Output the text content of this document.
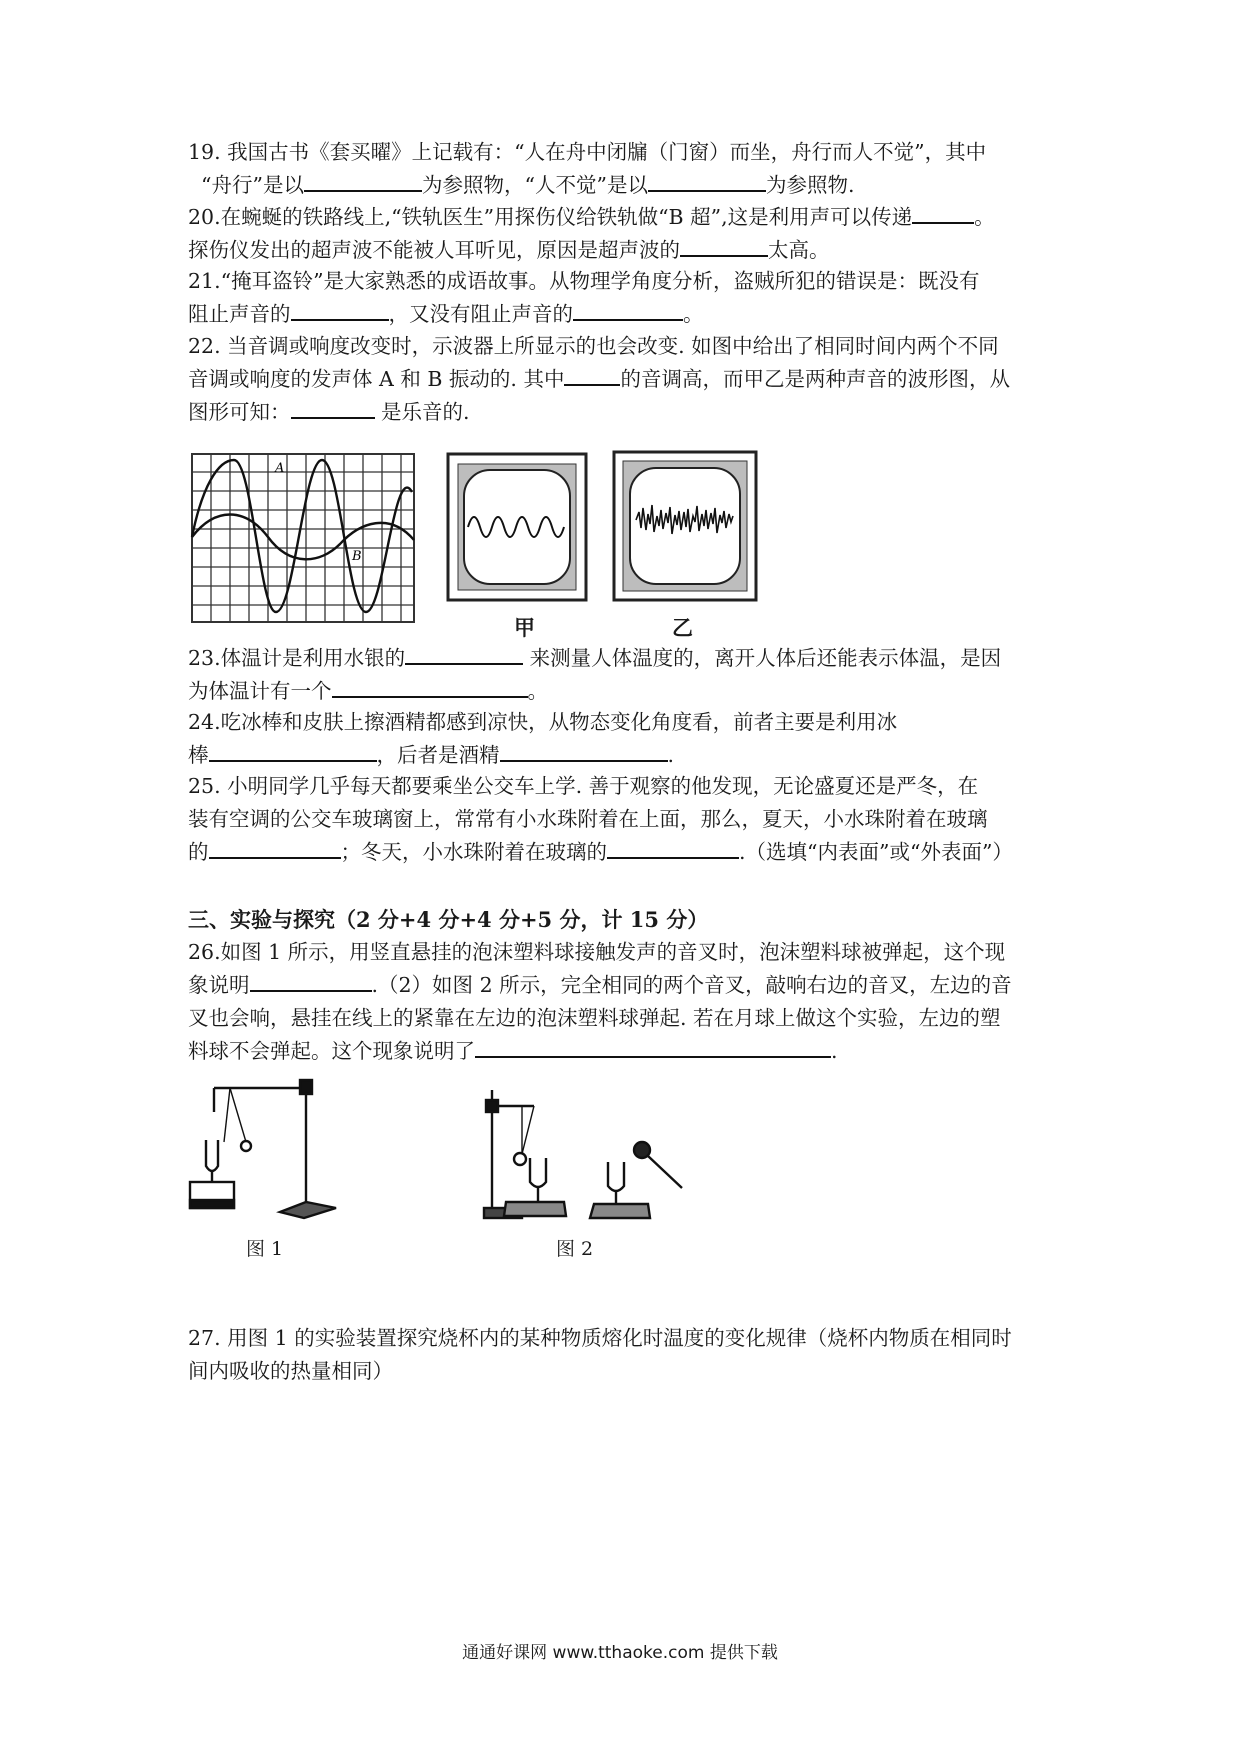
19. 我国古书《套买曜》上记载有：“人在舟中闭牖（门窗）而坐，舟行而人不觉”，其中
“舟行”是以	为参照物，“人不觉”是以	为参照物.
20.在蜿蜒的铁路线上,“铁轨医生”用探伤仪给铁轨做“B 超”,这是利用声可以传递	。
探伤仪发出的超声波不能被人耳听见，原因是超声波的	太高。
21.“掩耳盗铃”是大家熟悉的成语故事。从物理学角度分析，盗贼所犯的错误是：既没有
阻止声音的	，又没有阻止声音的	。
22. 当音调或响度改变时，示波器上所显示的也会改变. 如图中给出了相同时间内两个不同
音调或响度的发声体 A 和 B 振动的. 其中	的音调高，而甲乙是两种声音的波形图，从
图形可知：	是乐音的.
A
B
甲	乙
23.体温计是利用水银的	来测量人体温度的，离开人体后还能表示体温，是因
为体温计有一个	。
24.吃冰棒和皮肤上擦酒精都感到凉快，从物态变化角度看，前者主要是利用冰
棒	，后者是酒精	.
25. 小明同学几乎每天都要乘坐公交车上学. 善于观察的他发现，无论盛夏还是严冬，在
装有空调的公交车玻璃窗上，常常有小水珠附着在上面，那么，夏天，小水珠附着在玻璃
的	；冬天，小水珠附着在玻璃的	.（选填“内表面”或“外表面”）
三、实验与探究（2 分+4 分+4 分+5 分，计 15 分）
26.如图 1 所示，用竖直悬挂的泡沫塑料球接触发声的音叉时，泡沫塑料球被弹起，这个现
象说明	.（2）如图 2 所示，完全相同的两个音叉，敲响右边的音叉，左边的音
叉也会响，悬挂在线上的紧靠在左边的泡沫塑料球弹起. 若在月球上做这个实验，左边的塑
料球不会弹起。这个现象说明了	.
图 1	图 2
27. 用图 1 的实验装置探究烧杯内的某种物质熔化时温度的变化规律（烧杯内物质在相同时
间内吸收的热量相同）
通通好课网 www.tthaoke.com 提供下载
